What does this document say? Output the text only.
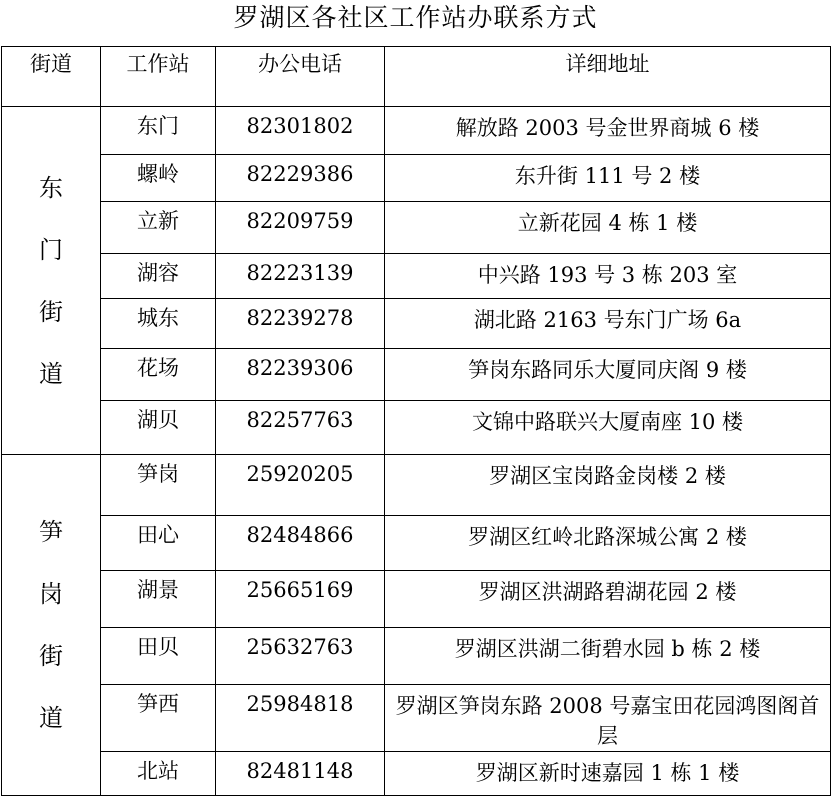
罗湖区各社区工作站办联系方式
街道	工作站	办公电话	详细地址

东
门
街
道	东门	82301802	解放路 2003 号金世界商城 6 楼
	螺岭	82229386	东升街 111 号 2 楼
	立新	82209759	立新花园 4 栋 1 楼
	湖容	82223139	中兴路 193 号 3 栋 203 室
	城东	82239278	湖北路 2163 号东门广场 6a
	花场	82239306	笋岗东路同乐大厦同庆阁 9 楼
	湖贝	82257763	文锦中路联兴大厦南座 10 楼

笋
岗
街
道	笋岗	25920205	罗湖区宝岗路金岗楼 2 楼
	田心	82484866	罗湖区红岭北路深城公寓 2 楼
	湖景	25665169	罗湖区洪湖路碧湖花园 2 楼
	田贝	25632763	罗湖区洪湖二街碧水园 b 栋 2 楼
	笋西	25984818	罗湖区笋岗东路 2008 号嘉宝田花园鸿图阁首层
	北站	82481148	罗湖区新时速嘉园 1 栋 1 楼
